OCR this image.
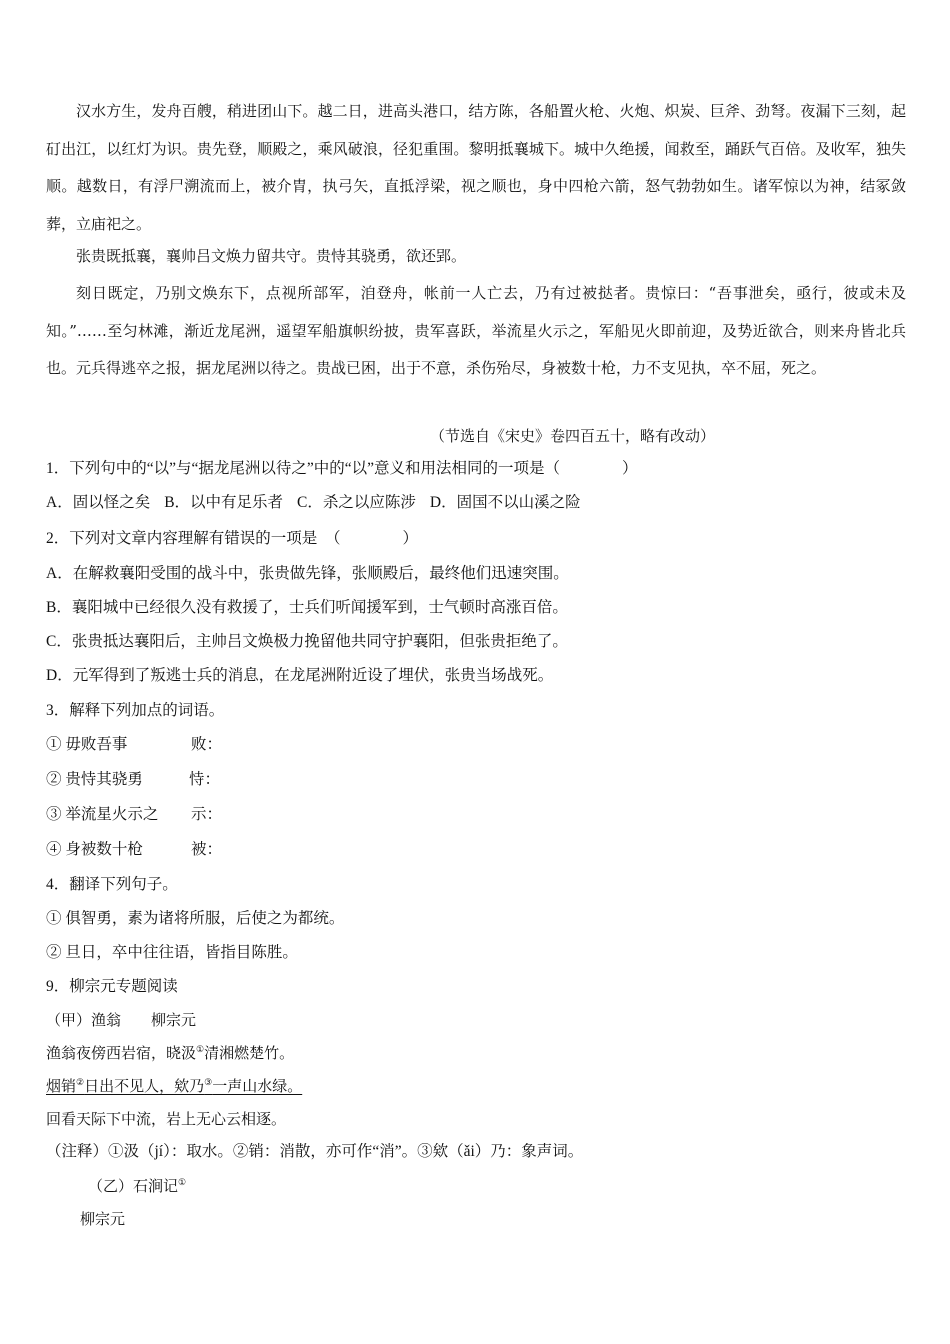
汉水方生，发舟百艘，稍进团山下。越二日，进高头港口，结方陈，各船置火枪、火炮、炽炭、巨斧、劲弩。夜漏下三刻，起矴出江，以红灯为识。贵先登，顺殿之，乘风破浪，径犯重围。黎明抵襄城下。城中久绝援，闻救至，踊跃气百倍。及收军，独失顺。越数日，有浮尸溯流而上，被介胄，执弓矢，直抵浮梁，视之顺也，身中四枪六箭，怒气勃勃如生。诸军惊以为神，结冢敛葬，立庙祀之。

张贵既抵襄，襄帅吕文焕力留共守。贵恃其骁勇，欲还郢。

刻日既定，乃别文焕东下，点视所部军，洎登舟，帐前一人亡去，乃有过被挞者。贵惊曰：“吾事泄矣，亟行，彼或未及知。”……至匀林滩，渐近龙尾洲，遥望军船旗帜纷披，贵军喜跃，举流星火示之，军船见火即前迎，及势近欲合，则来舟皆北兵也。元兵得逃卒之报，据龙尾洲以待之。贵战已困，出于不意，杀伤殆尽，身被数十枪，力不支见执，卒不屈，死之。

（节选自《宋史》卷四百五十，略有改动）

1．下列句中的“以”与“据龙尾洲以待之”中的“以”意义和用法相同的一项是（　　　　）

A．固以怪之矣 B．以中有足乐者 C．杀之以应陈涉 D．固国不以山溪之险

2．下列对文章内容理解有错误的一项是　（　　　　）

A．在解救襄阳受围的战斗中，张贵做先锋，张顺殿后，最终他们迅速突围。

B．襄阳城中已经很久没有救援了，士兵们听闻援军到，士气顿时高涨百倍。

C．张贵抵达襄阳后，主帅吕文焕极力挽留他共同守护襄阳，但张贵拒绝了。

D．元军得到了叛逃士兵的消息，在龙尾洲附近设了埋伏，张贵当场战死。

3．解释下列加点的词语。

① 毋败吾事	败：

② 贵恃其骁勇	恃：

③ 举流星火示之 示：

④ 身被数十枪	被：

4．翻译下列句子。

① 俱智勇，素为诸将所服，后使之为都统。

② 旦日，卒中往往语，皆指目陈胜。

9．柳宗元专题阅读

（甲）渔翁　　柳宗元

渔翁夜傍西岩宿，晓汲①清湘燃楚竹。

烟销②日出不见人，欸乃③一声山水绿。

回看天际下中流，岩上无心云相逐。

（注释）①汲（jí）：取水。②销：消散，亦可作“消”。③欸（ǎi）乃：象声词。

（乙）石涧记①

柳宗元
